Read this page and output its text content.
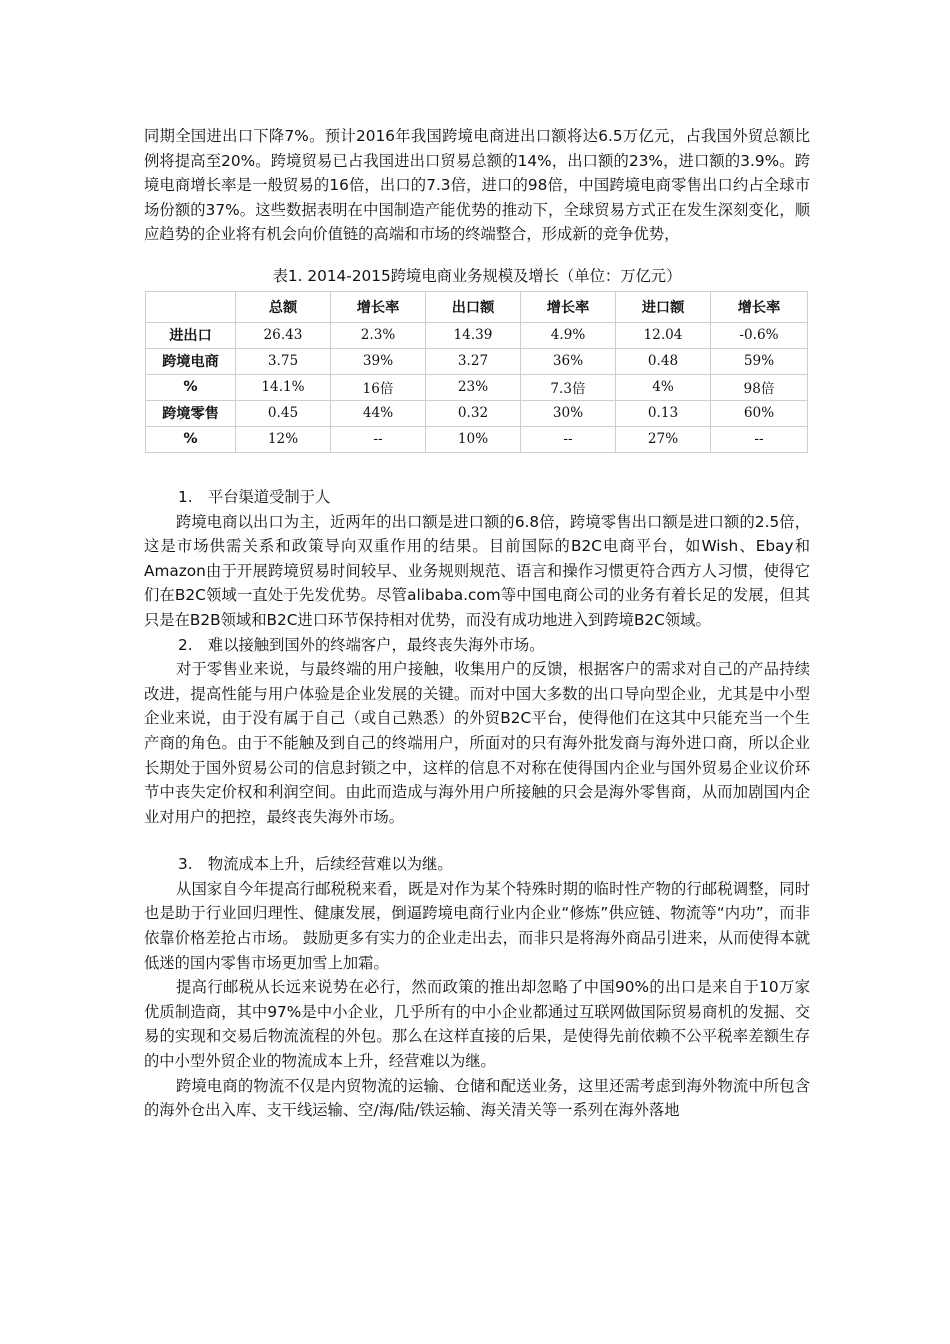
同期全国进出口下降7%。预计2016年我国跨境电商进出口额将达6.5万亿元，占我国外贸总额比例将提高至20%。跨境贸易已占我国进出口贸易总额的14%，出口额的23%，进口额的3.9%。跨境电商增长率是一般贸易的16倍，出口的7.3倍，进口的98倍，中国跨境电商零售出口约占全球市场份额的37%。这些数据表明在中国制造产能优势的推动下，全球贸易方式正在发生深刻变化，顺应趋势的企业将有机会向价值链的高端和市场的终端整合，形成新的竞争优势，

表1. 2014-2015跨境电商业务规模及增长（单位：万亿元）
	总额	增长率	出口额	增长率	进口额	增长率
进出口	26.43	2.3%	14.39	4.9%	12.04	-0.6%
跨境电商	3.75	39%	3.27	36%	0.48	59%
%	14.1%	16倍	23%	7.3倍	4%	98倍
跨境零售	0.45	44%	0.32	30%	0.13	60%
%	12%	--	10%	--	27%	--

1.　平台渠道受制于人

跨境电商以出口为主，近两年的出口额是进口额的6.8倍，跨境零售出口额是进口额的2.5倍，这是市场供需关系和政策导向双重作用的结果。目前国际的B2C电商平台，如Wish、Ebay和Amazon由于开展跨境贸易时间较早、业务规则规范、语言和操作习惯更符合西方人习惯，使得它们在B2C领域一直处于先发优势。尽管alibaba.com等中国电商公司的业务有着长足的发展，但其只是在B2B领域和B2C进口环节保持相对优势，而没有成功地进入到跨境B2C领域。

2.　难以接触到国外的终端客户，最终丧失海外市场。

对于零售业来说，与最终端的用户接触，收集用户的反馈，根据客户的需求对自己的产品持续改进，提高性能与用户体验是企业发展的关键。而对中国大多数的出口导向型企业，尤其是中小型企业来说，由于没有属于自己（或自己熟悉）的外贸B2C平台，使得他们在这其中只能充当一个生产商的角色。由于不能触及到自己的终端用户，所面对的只有海外批发商与海外进口商，所以企业长期处于国外贸易公司的信息封锁之中，这样的信息不对称在使得国内企业与国外贸易企业议价环节中丧失定价权和利润空间。由此而造成与海外用户所接触的只会是海外零售商，从而加剧国内企业对用户的把控，最终丧失海外市场。

3.　物流成本上升，后续经营难以为继。

从国家自今年提高行邮税税来看，既是对作为某个特殊时期的临时性产物的行邮税调整，同时也是助于行业回归理性、健康发展，倒逼跨境电商行业内企业“修炼”供应链、物流等“内功”，而非依靠价格差抢占市场。 鼓励更多有实力的企业走出去，而非只是将海外商品引进来，从而使得本就低迷的国内零售市场更加雪上加霜。

提高行邮税从长远来说势在必行，然而政策的推出却忽略了中国90%的出口是来自于10万家优质制造商，其中97%是中小企业，几乎所有的中小企业都通过互联网做国际贸易商机的发掘、交易的实现和交易后物流流程的外包。那么在这样直接的后果，是使得先前依赖不公平税率差额生存的中小型外贸企业的物流成本上升，经营难以为继。

跨境电商的物流不仅是内贸物流的运输、仓储和配送业务，这里还需考虑到海外物流中所包含的海外仓出入库、支干线运输、空/海/陆/铁运输、海关清关等一系列在海外落地
